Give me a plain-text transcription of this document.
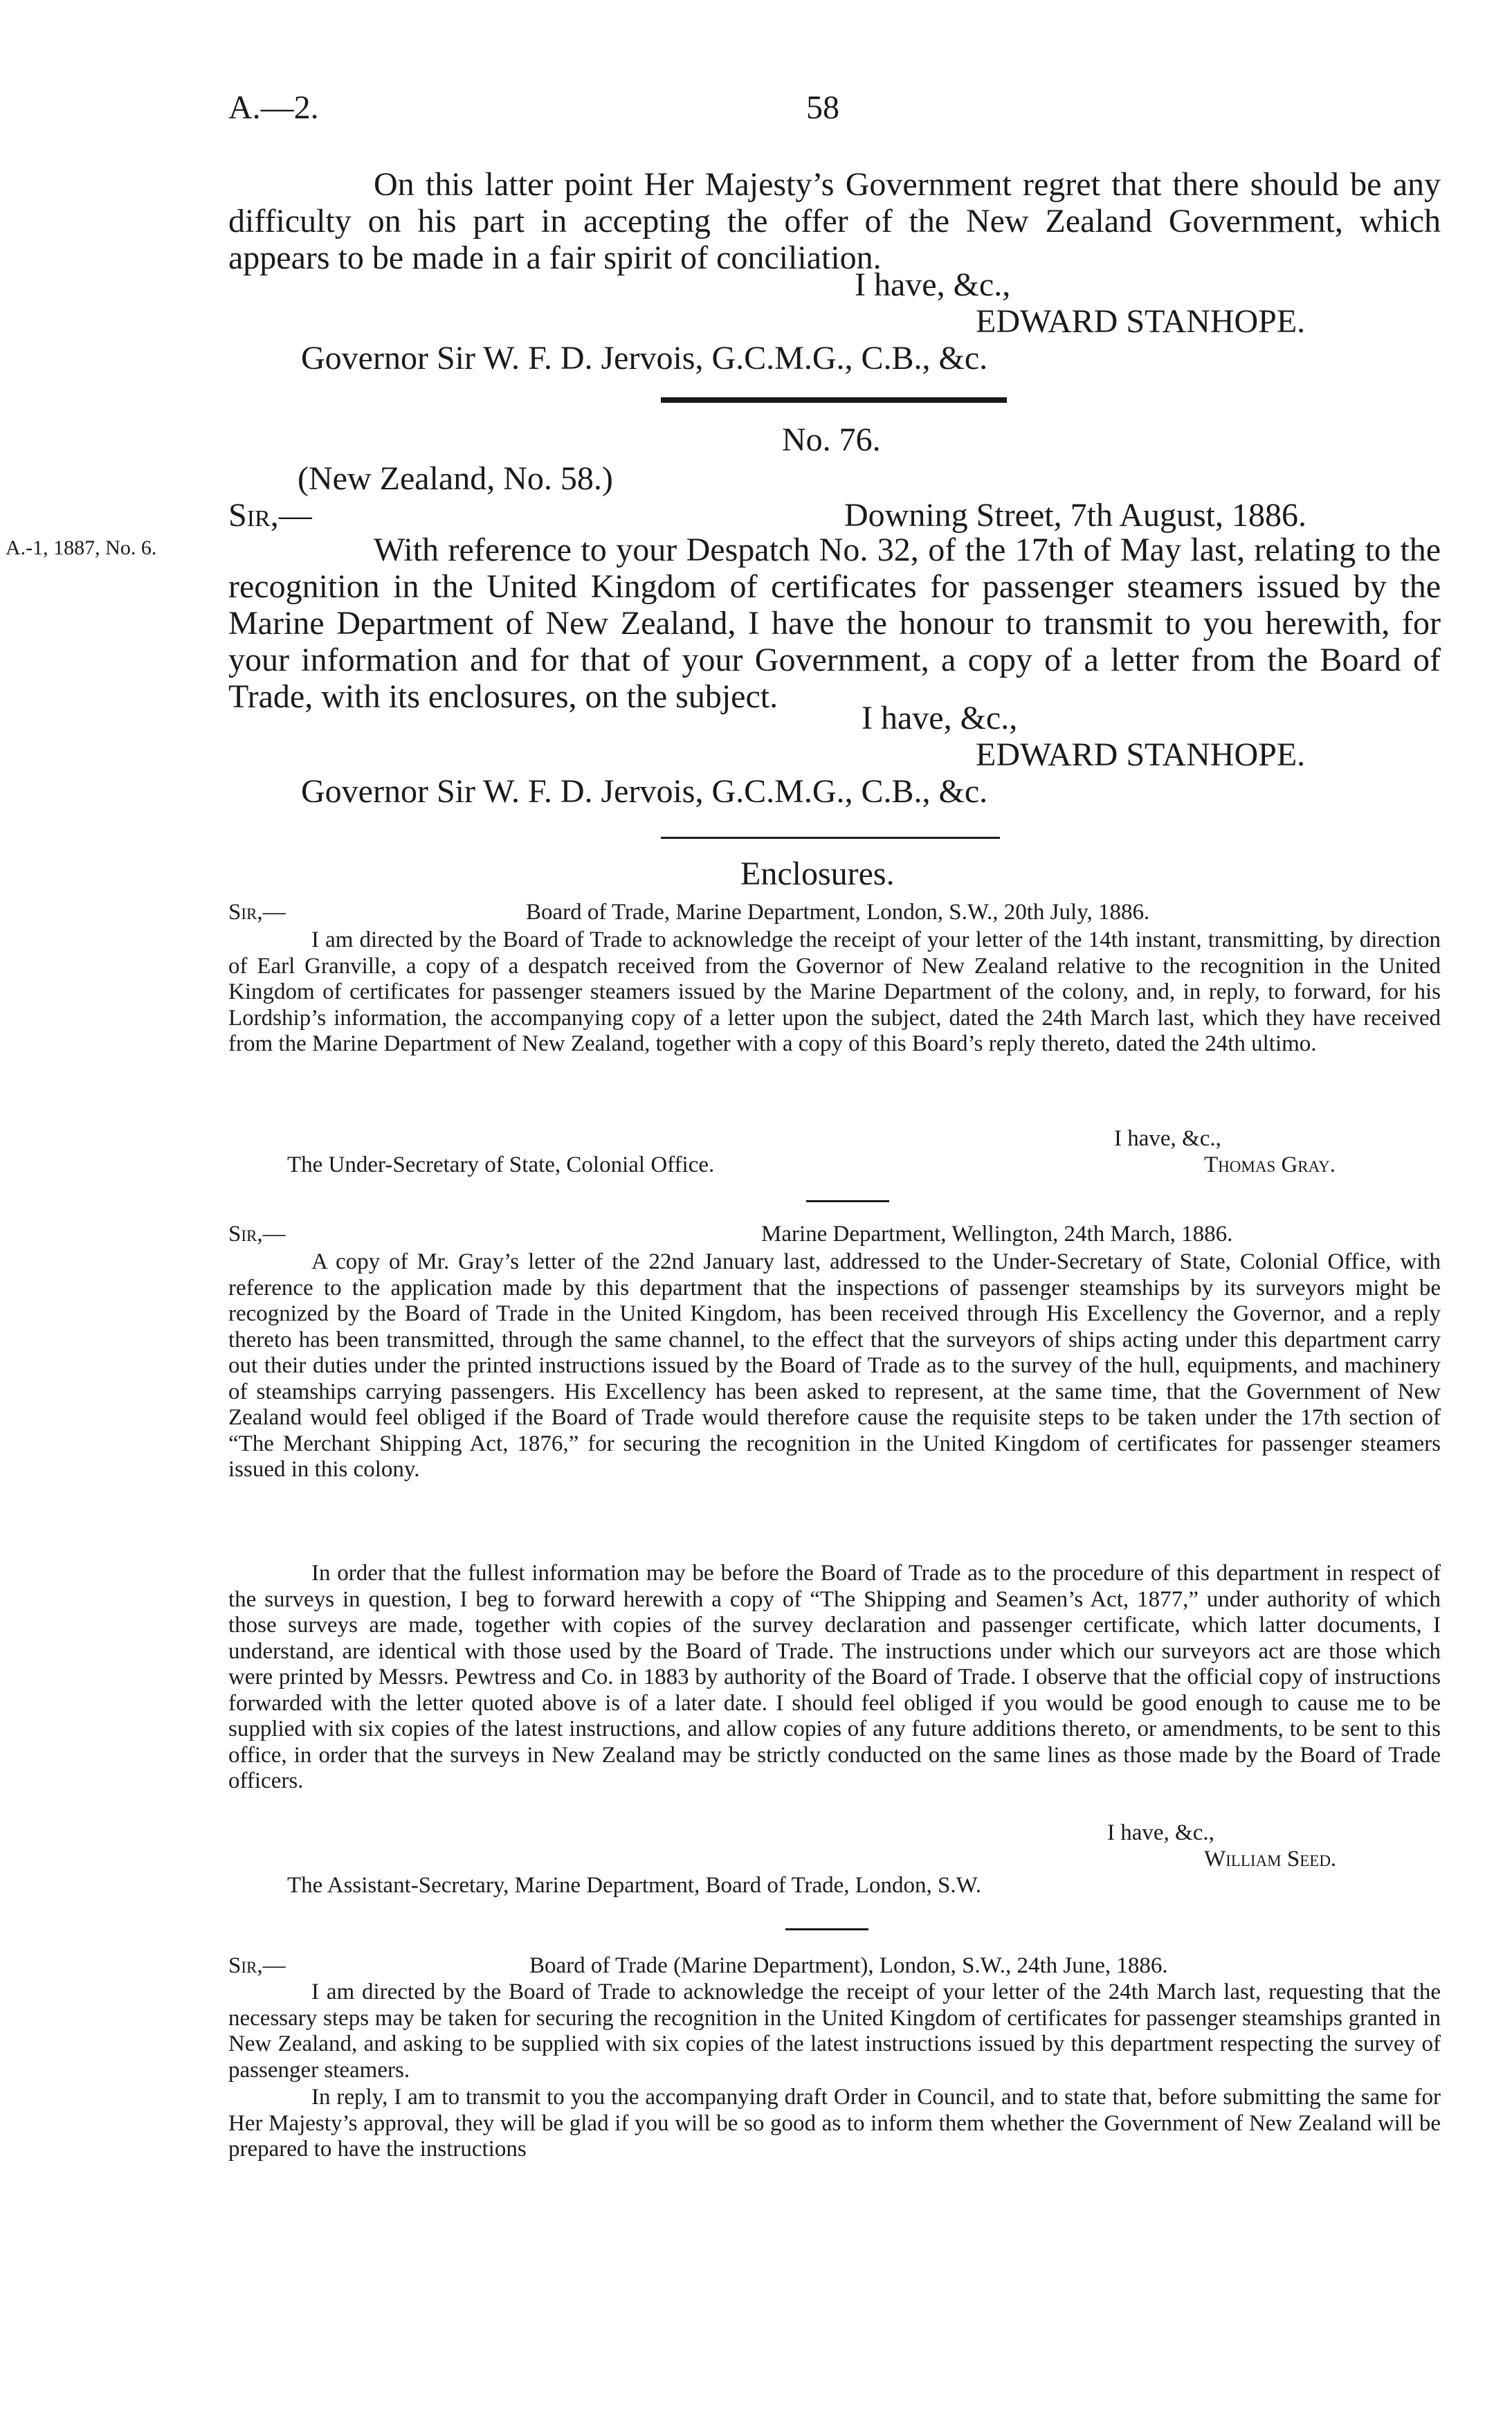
A.—2.	58

On this latter point Her Majesty’s Government regret that there should be any difficulty on his part in accepting the offer of the New Zealand Government, which appears to be made in a fair spirit of conciliation.

I have, &c.,
EDWARD STANHOPE.
Governor Sir W. F. D. Jervois, G.C.M.G., C.B., &c.
No. 76.
(New Zealand, No. 58.)
Sir,—	Downing Street, 7th August, 1886.
A.-1, 1887, No. 6.	With reference to your Despatch No. 32, of the 17th of May last, relating to the recognition in the United Kingdom of certificates for passenger steamers issued by the Marine Department of New Zealand, I have the honour to transmit to you herewith, for your information and for that of your Government, a copy of a letter from the Board of Trade, with its enclosures, on the subject.

I have, &c.,
EDWARD STANHOPE.
Governor Sir W. F. D. Jervois, G.C.M.G., C.B., &c.
Enclosures.
Sir,—	Board of Trade, Marine Department, London, S.W., 20th July, 1886.

I am directed by the Board of Trade to acknowledge the receipt of your letter of the 14th instant, transmitting, by direction of Earl Granville, a copy of a despatch received from the Governor of New Zealand relative to the recognition in the United Kingdom of certificates for passenger steamers issued by the Marine Department of the colony, and, in reply, to forward, for his Lordship’s information, the accompanying copy of a letter upon the subject, dated the 24th March last, which they have received from the Marine Department of New Zealand, together with a copy of this Board’s reply thereto, dated the 24th ultimo.

I have, &c.,
The Under-Secretary of State, Colonial Office.	Thomas Gray.
Sir,—	Marine Department, Wellington, 24th March, 1886.

A copy of Mr. Gray’s letter of the 22nd January last, addressed to the Under-Secretary of State, Colonial Office, with reference to the application made by this department that the inspections of passenger steamships by its surveyors might be recognized by the Board of Trade in the United Kingdom, has been received through His Excellency the Governor, and a reply thereto has been transmitted, through the same channel, to the effect that the surveyors of ships acting under this department carry out their duties under the printed instructions issued by the Board of Trade as to the survey of the hull, equipments, and machinery of steamships carrying passengers. His Excellency has been asked to represent, at the same time, that the Government of New Zealand would feel obliged if the Board of Trade would therefore cause the requisite steps to be taken under the 17th section of “The Merchant Shipping Act, 1876,” for securing the recognition in the United Kingdom of certificates for passenger steamers issued in this colony.

In order that the fullest information may be before the Board of Trade as to the procedure of this department in respect of the surveys in question, I beg to forward herewith a copy of “The Shipping and Seamen’s Act, 1877,” under authority of which those surveys are made, together with copies of the survey declaration and passenger certificate, which latter documents, I understand, are identical with those used by the Board of Trade. The instructions under which our surveyors act are those which were printed by Messrs. Pewtress and Co. in 1883 by authority of the Board of Trade. I observe that the official copy of instructions forwarded with the letter quoted above is of a later date. I should feel obliged if you would be good enough to cause me to be supplied with six copies of the latest instructions, and allow copies of any future additions thereto, or amendments, to be sent to this office, in order that the surveys in New Zealand may be strictly conducted on the same lines as those made by the Board of Trade officers.

I have, &c.,
William Seed.
The Assistant-Secretary, Marine Department, Board of Trade, London, S.W.
Sir,—	Board of Trade (Marine Department), London, S.W., 24th June, 1886.

I am directed by the Board of Trade to acknowledge the receipt of your letter of the 24th March last, requesting that the necessary steps may be taken for securing the recognition in the United Kingdom of certificates for passenger steamships granted in New Zealand, and asking to be supplied with six copies of the latest instructions issued by this department respecting the survey of passenger steamers.

In reply, I am to transmit to you the accompanying draft Order in Council, and to state that, before submitting the same for Her Majesty’s approval, they will be glad if you will be so good as to inform them whether the Government of New Zealand will be prepared to have the instructions
